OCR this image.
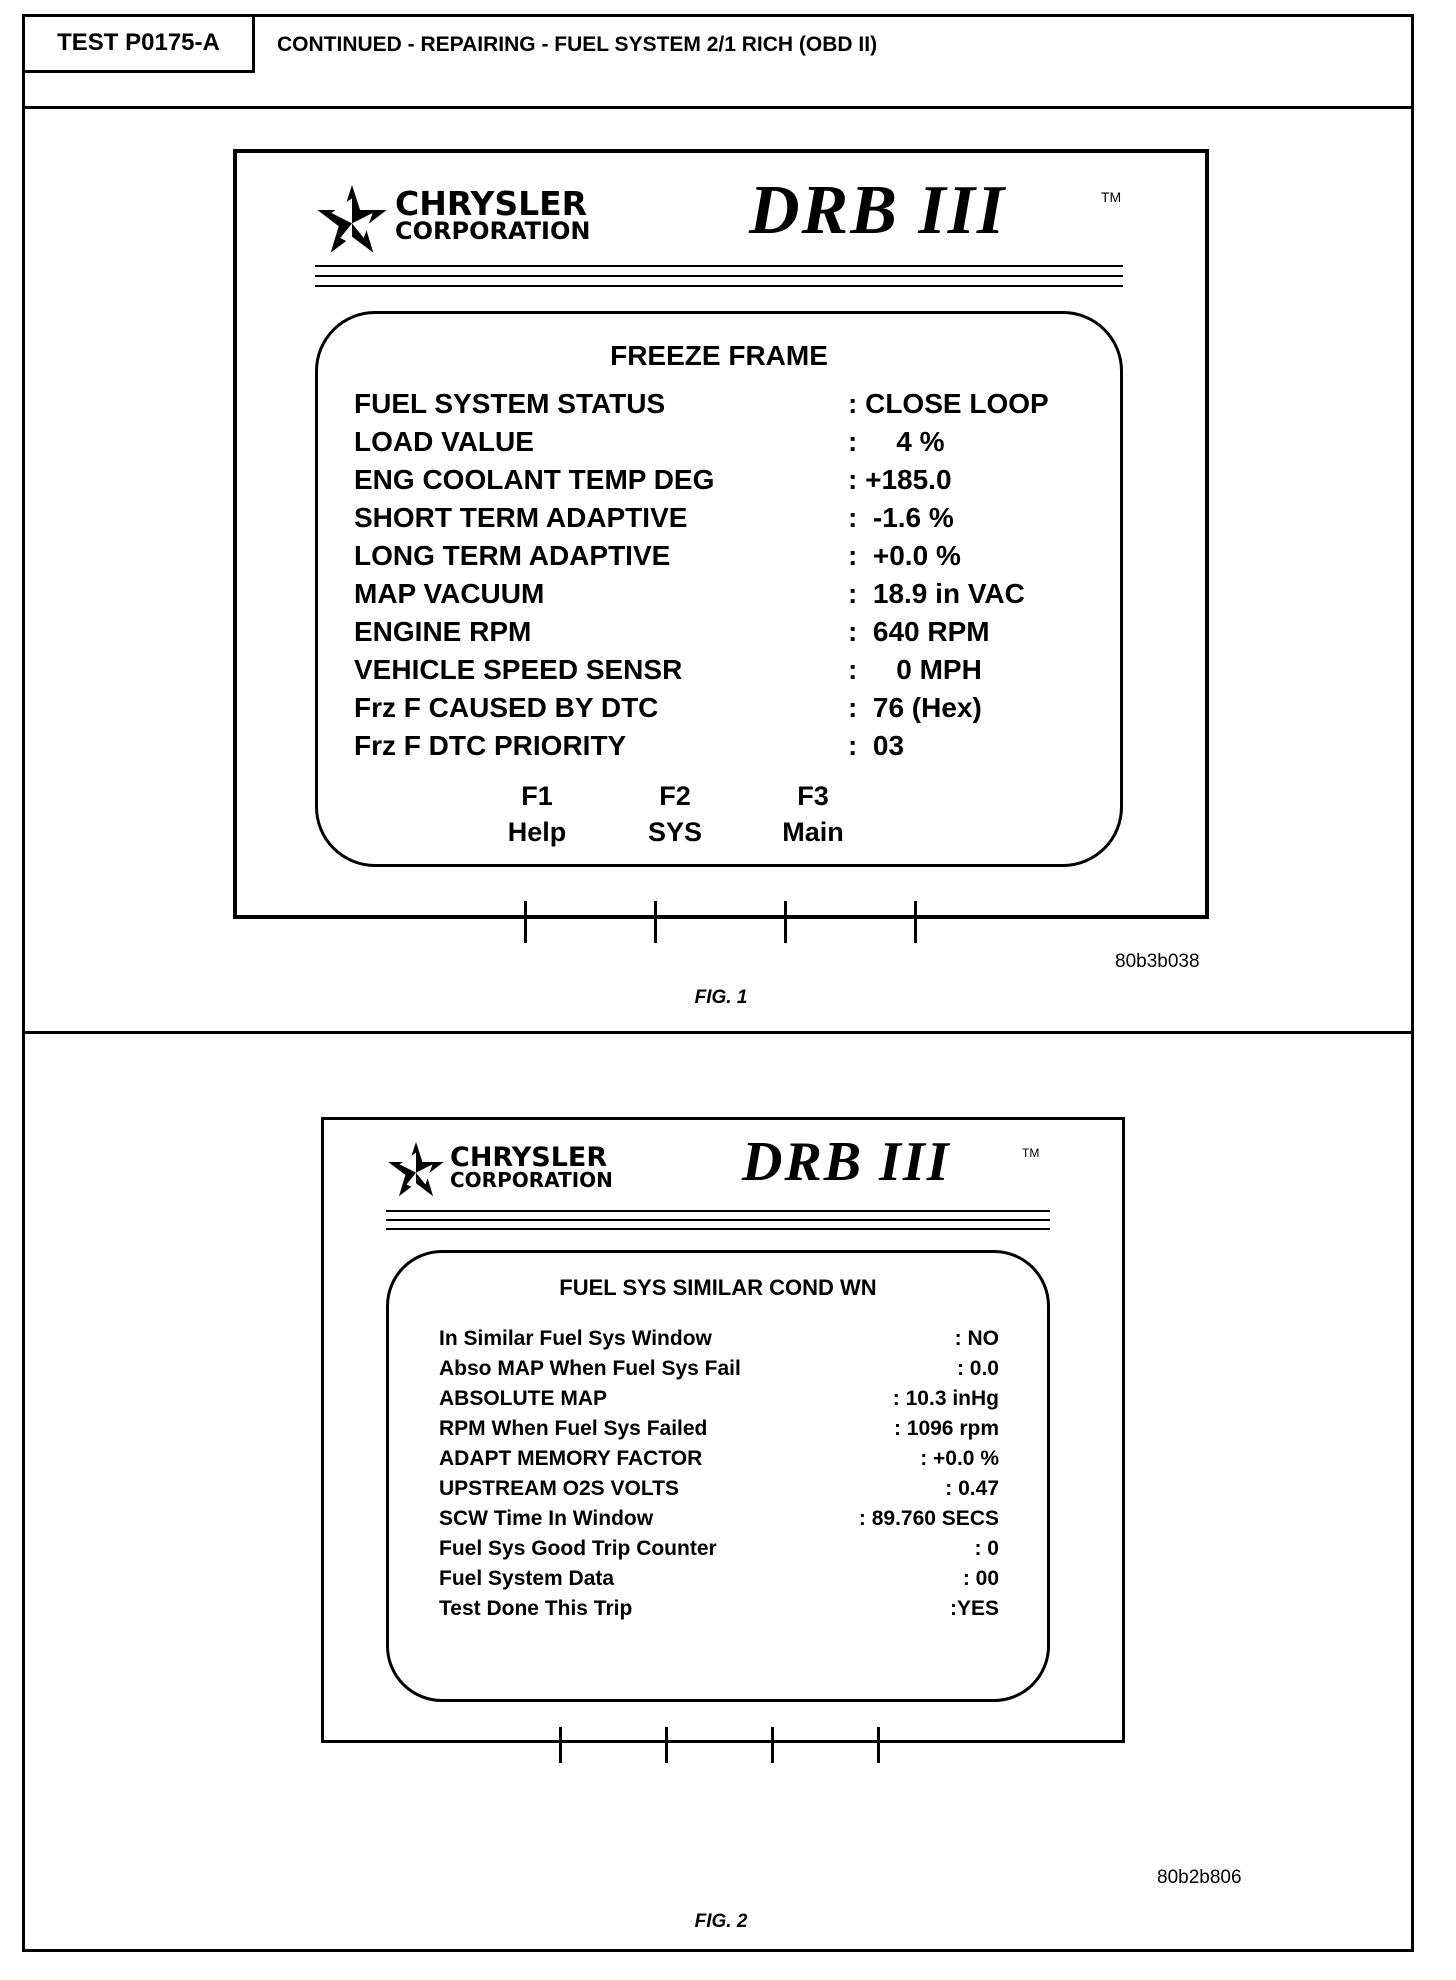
TEST P0175-A	CONTINUED - REPAIRING - FUEL SYSTEM 2/1 RICH (OBD II)
CHRYSLER
CORPORATION DRB III	TM
FREEZE FRAME
FUEL SYSTEM STATUS	: CLOSE LOOP
LOAD VALUE	:     4 %
ENG COOLANT TEMP DEG	: +185.0
SHORT TERM ADAPTIVE	:  -1.6 %
LONG TERM ADAPTIVE	:  +0.0 %
MAP VACUUM	:  18.9 in VAC
ENGINE RPM	:  640 RPM
VEHICLE SPEED SENSR	:     0 MPH
Frz F CAUSED BY DTC	:  76 (Hex)
Frz F DTC PRIORITY	:  03
F1
Help
F2
SYS
F3
Main
80b3b038
FIG. 1
CHRYSLER
CORPORATION DRB III	TM
FUEL SYS SIMILAR COND WN
In Similar Fuel Sys Window	: NO
Abso MAP When Fuel Sys Fail	: 0.0
ABSOLUTE MAP	: 10.3 inHg
RPM When Fuel Sys Failed	: 1096 rpm
ADAPT MEMORY FACTOR	: +0.0 %
UPSTREAM O2S VOLTS	: 0.47
SCW Time In Window	: 89.760 SECS
Fuel Sys Good Trip Counter	: 0
Fuel System Data	: 00
Test Done This Trip	:YES
80b2b806
FIG. 2
